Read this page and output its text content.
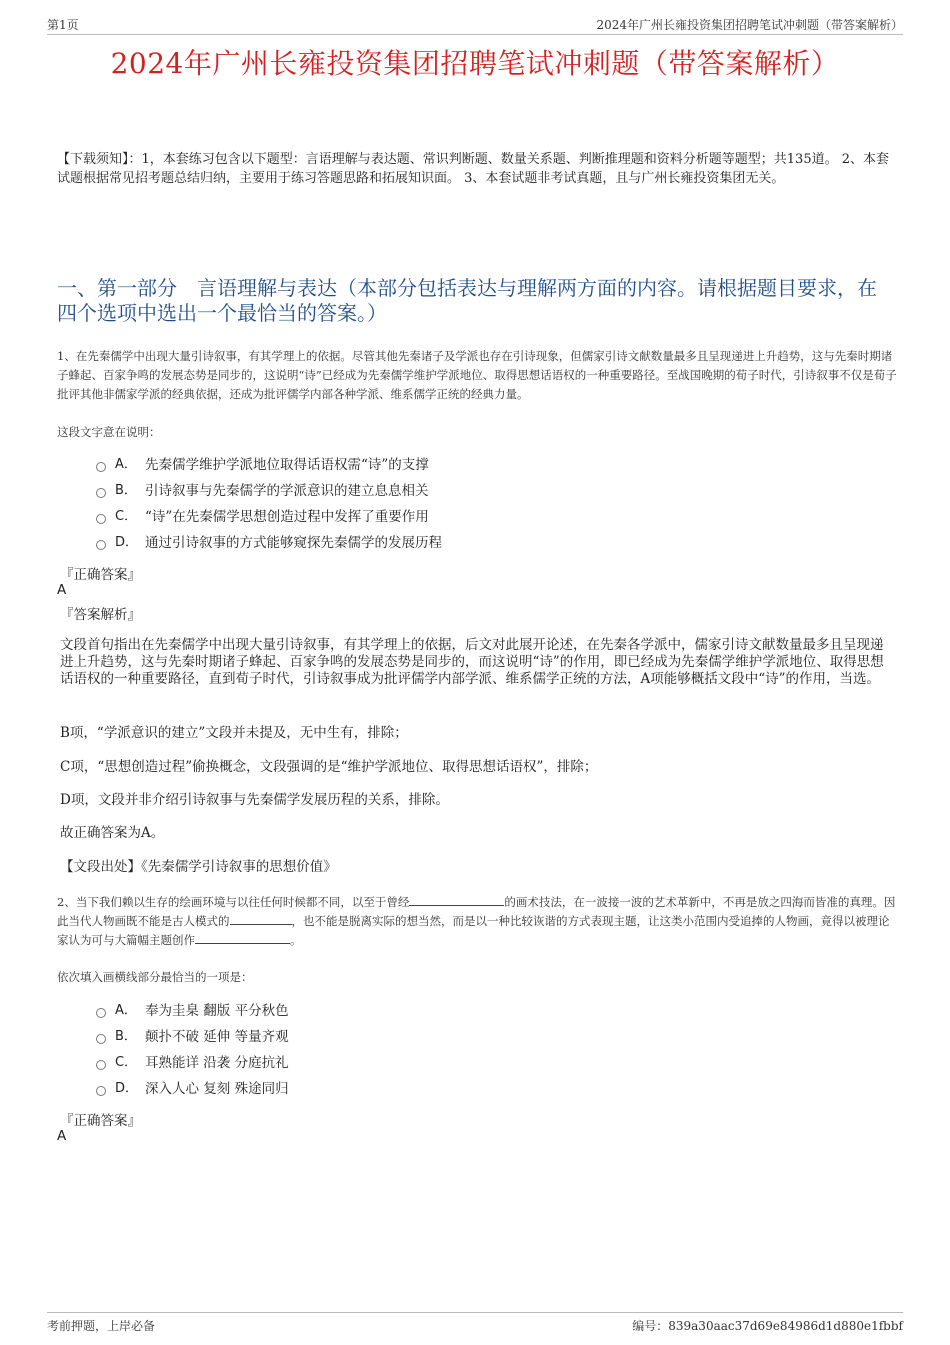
第1页	2024年广州长雍投资集团招聘笔试冲刺题（带答案解析）
2024年广州长雍投资集团招聘笔试冲刺题（带答案解析）
【下载须知】：1，本套练习包含以下题型：言语理解与表达题、常识判断题、数量关系题、判断推理题和资料分析题等题型；共135道。 2、本套试题根据常见招考题总结归纳，主要用于练习答题思路和拓展知识面。 3、本套试题非考试真题，且与广州长雍投资集团无关。
一、第一部分　言语理解与表达（本部分包括表达与理解两方面的内容。请根据题目要求，在四个选项中选出一个最恰当的答案。）
1、在先秦儒学中出现大量引诗叙事，有其学理上的依据。尽管其他先秦诸子及学派也存在引诗现象，但儒家引诗文献数量最多且呈现递进上升趋势，这与先秦时期诸子蜂起、百家争鸣的发展态势是同步的，这说明“诗”已经成为先秦儒学维护学派地位、取得思想话语权的一种重要路径。至战国晚期的荀子时代，引诗叙事不仅是荀子批评其他非儒家学派的经典依据，还成为批评儒学内部各种学派、维系儒学正统的经典力量。
这段文字意在说明：
A． 先秦儒学维护学派地位取得话语权需“诗”的支撑
B． 引诗叙事与先秦儒学的学派意识的建立息息相关
C． “诗”在先秦儒学思想创造过程中发挥了重要作用
D． 通过引诗叙事的方式能够窥探先秦儒学的发展历程
『正确答案』
A
『答案解析』
文段首句指出在先秦儒学中出现大量引诗叙事，有其学理上的依据，后文对此展开论述，在先秦各学派中，儒家引诗文献数量最多且呈现递进上升趋势，这与先秦时期诸子蜂起、百家争鸣的发展态势是同步的，而这说明“诗”的作用，即已经成为先秦儒学维护学派地位、取得思想话语权的一种重要路径，直到荀子时代，引诗叙事成为批评儒学内部学派、维系儒学正统的方法，A项能够概括文段中“诗”的作用，当选。
B项，“学派意识的建立”文段并未提及，无中生有，排除；
C项，“思想创造过程”偷换概念，文段强调的是“维护学派地位、取得思想话语权”，排除；
D项，文段并非介绍引诗叙事与先秦儒学发展历程的关系，排除。
故正确答案为A。
【文段出处】《先秦儒学引诗叙事的思想价值》
2、当下我们赖以生存的绘画环境与以往任何时候都不同，以至于曾经	的画术技法，在一波接一波的艺术革新中，不再是放之四海而皆准的真理。因此当代人物画既不能是古人模式的	，也不能是脱离实际的想当然，而是以一种比较诙谐的方式表现主题，让这类小范围内受追捧的人物画，竟得以被理论家认为可与大篇幅主题创作	。
依次填入画横线部分最恰当的一项是：
A． 奉为圭臬 翻版 平分秋色
B． 颠扑不破 延伸 等量齐观
C． 耳熟能详 沿袭 分庭抗礼
D． 深入人心 复刻 殊途同归
『正确答案』
A
考前押题，上岸必备	编号：839a30aac37d69e84986d1d880e1fbbf
